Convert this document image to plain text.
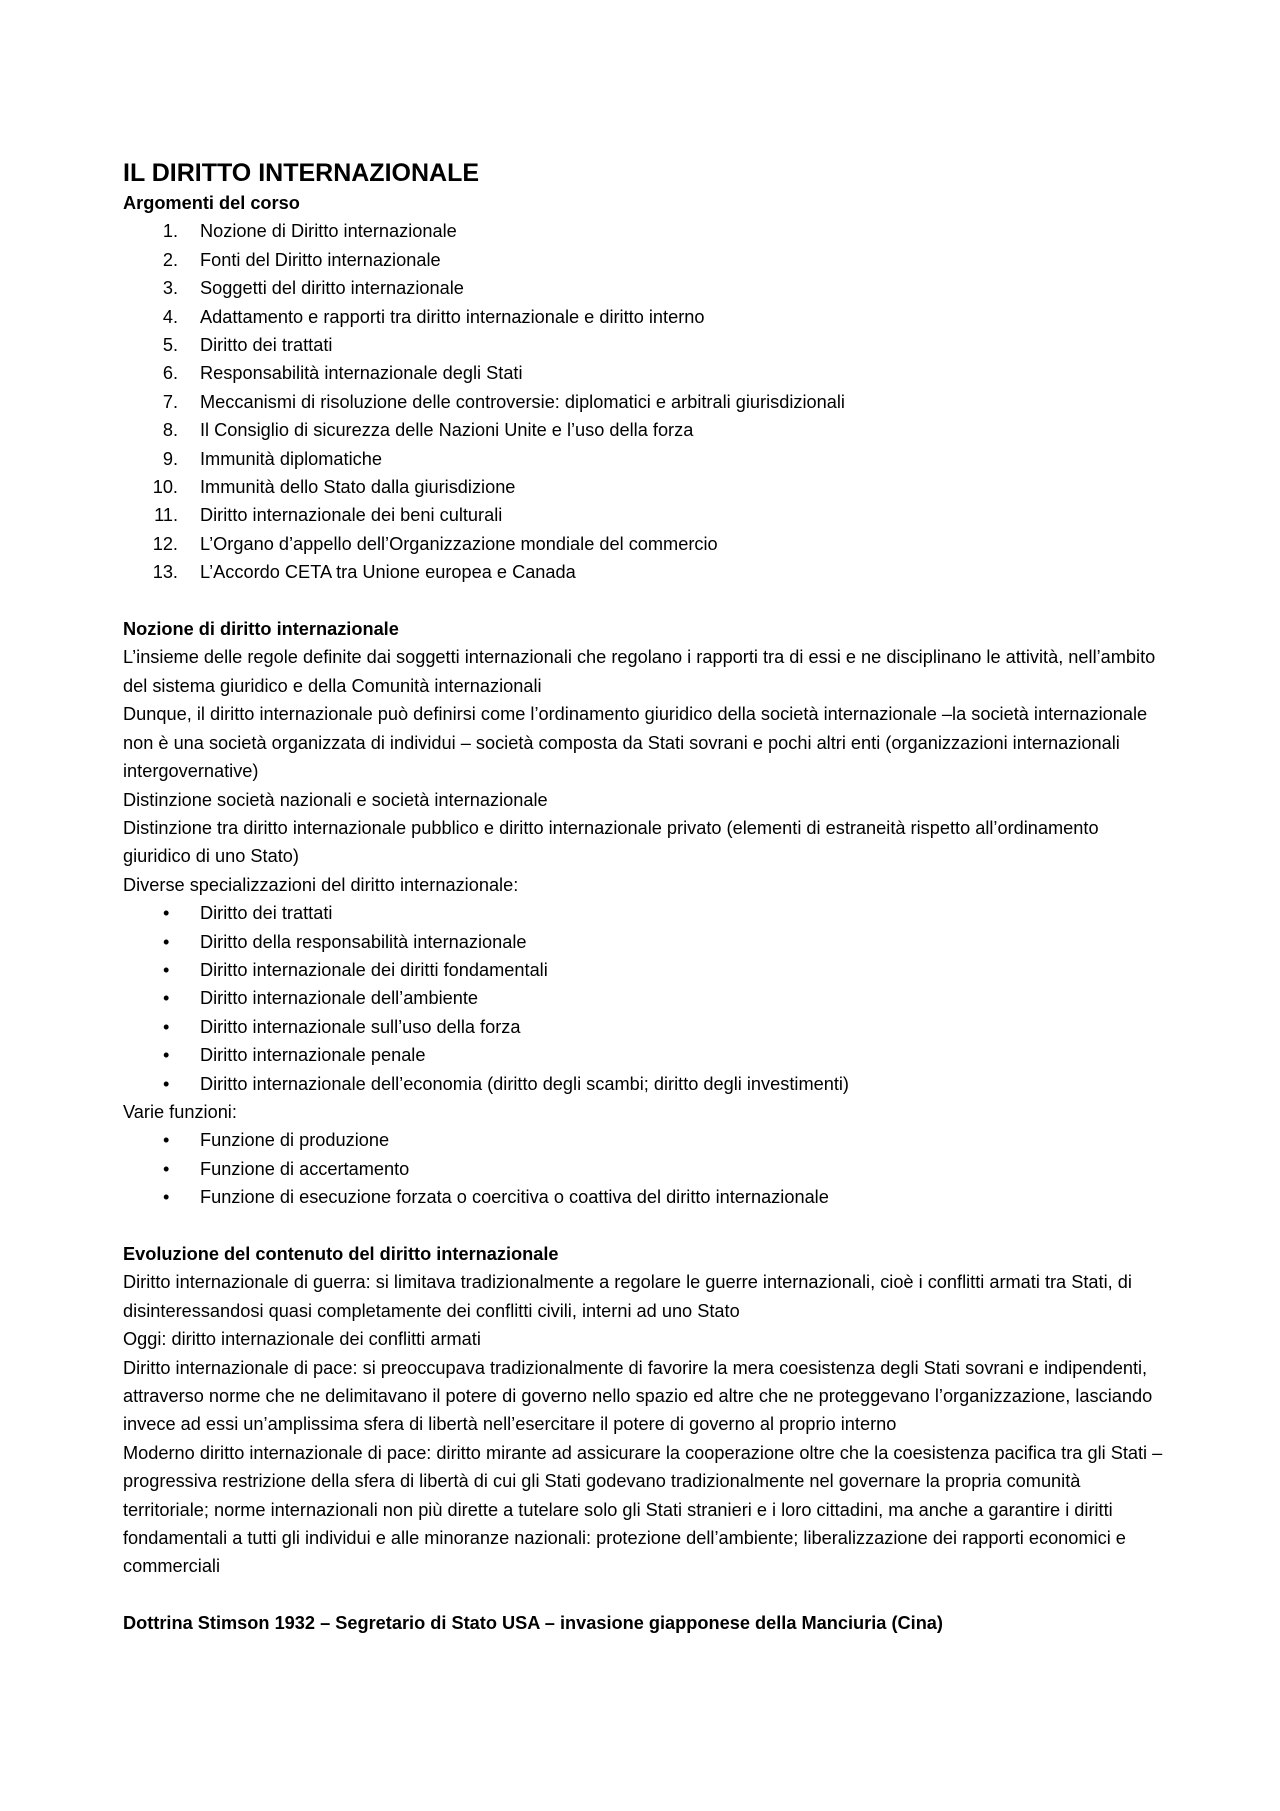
IL DIRITTO INTERNAZIONALE

Argomenti del corso

1. Nozione di Diritto internazionale
2. Fonti del Diritto internazionale
3. Soggetti del diritto internazionale
4. Adattamento e rapporti tra diritto internazionale e diritto interno
5. Diritto dei trattati
6. Responsabilità internazionale degli Stati
7. Meccanismi di risoluzione delle controversie: diplomatici e arbitrali giurisdizionali
8. Il Consiglio di sicurezza delle Nazioni Unite e l’uso della forza
9. Immunità diplomatiche
10. Immunità dello Stato dalla giurisdizione
11. Diritto internazionale dei beni culturali
12. L’Organo d’appello dell’Organizzazione mondiale del commercio
13. L’Accordo CETA tra Unione europea e Canada

Nozione di diritto internazionale

L’insieme delle regole definite dai soggetti internazionali che regolano i rapporti tra di essi e ne disciplinano le attività, nell’ambito del sistema giuridico e della Comunità internazionali

Dunque, il diritto internazionale può definirsi come l’ordinamento giuridico della società internazionale –la società internazionale non è una società organizzata di individui – società composta da Stati sovrani e pochi altri enti (organizzazioni internazionali intergovernative)

Distinzione società nazionali e società internazionale

Distinzione tra diritto internazionale pubblico e diritto internazionale privato (elementi di estraneità rispetto all’ordinamento giuridico di uno Stato)

Diverse specializzazioni del diritto internazionale:

•	Diritto dei trattati
•	Diritto della responsabilità internazionale
•	Diritto internazionale dei diritti fondamentali
•	Diritto internazionale dell’ambiente
•	Diritto internazionale sull’uso della forza
•	Diritto internazionale penale
•	Diritto internazionale dell’economia (diritto degli scambi; diritto degli investimenti)

Varie funzioni:

•	Funzione di produzione
•	Funzione di accertamento
•	Funzione di esecuzione forzata o coercitiva o coattiva del diritto internazionale

Evoluzione del contenuto del diritto internazionale

Diritto internazionale di guerra: si limitava tradizionalmente a regolare le guerre internazionali, cioè i conflitti armati tra Stati, di disinteressandosi quasi completamente dei conflitti civili, interni ad uno Stato

Oggi: diritto internazionale dei conflitti armati

Diritto internazionale di pace: si preoccupava tradizionalmente di favorire la mera coesistenza degli Stati sovrani e indipendenti, attraverso norme che ne delimitavano il potere di governo nello spazio ed altre che ne proteggevano l’organizzazione, lasciando invece ad essi un’amplissima sfera di libertà nell’esercitare il potere di governo al proprio interno

Moderno diritto internazionale di pace: diritto mirante ad assicurare la cooperazione oltre che la coesistenza pacifica tra gli Stati – progressiva restrizione della sfera di libertà di cui gli Stati godevano tradizionalmente nel governare la propria comunità territoriale; norme internazionali non più dirette a tutelare solo gli Stati stranieri e i loro cittadini, ma anche a garantire i diritti fondamentali a tutti gli individui e alle minoranze nazionali: protezione dell’ambiente; liberalizzazione dei rapporti economici e commerciali

Dottrina Stimson 1932 – Segretario di Stato USA – invasione giapponese della Manciuria (Cina)
